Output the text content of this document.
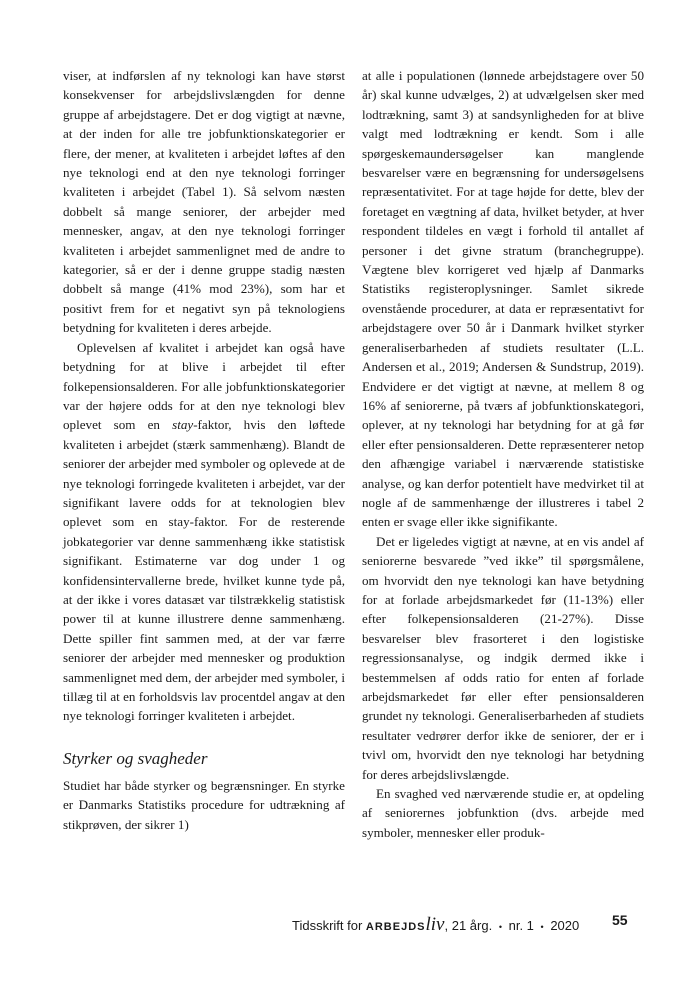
viser, at indførslen af ny teknologi kan have størst konsekvenser for arbejdslivslængden for denne gruppe af arbejdstagere. Det er dog vigtigt at nævne, at der inden for alle tre jobfunktionskategorier er flere, der mener, at kvaliteten i arbejdet løftes af den nye teknologi end at den nye teknologi forringer kvaliteten i arbejdet (Tabel 1). Så selvom næsten dobbelt så mange seniorer, der arbejder med mennesker, angav, at den nye teknologi forringer kvaliteten i arbejdet sammenlignet med de andre to kategorier, så er der i denne gruppe stadig næsten dobbelt så mange (41% mod 23%), som har et positivt frem for et negativt syn på teknologiens betydning for kvaliteten i deres arbejde.

Oplevelsen af kvalitet i arbejdet kan også have betydning for at blive i arbejdet til efter folkepensionsalderen. For alle jobfunktionskategorier var der højere odds for at den nye teknologi blev oplevet som en stay-faktor, hvis den løftede kvaliteten i arbejdet (stærk sammenhæng). Blandt de seniorer der arbejder med symboler og oplevede at de nye teknologi forringede kvaliteten i arbejdet, var der signifikant lavere odds for at teknologien blev oplevet som en stay-faktor. For de resterende jobkategorier var denne sammenhæng ikke statistisk signifikant. Estimaterne var dog under 1 og konfidensintervallerne brede, hvilket kunne tyde på, at der ikke i vores datasæt var tilstrækkelig statistisk power til at kunne illustrere denne sammenhæng. Dette spiller fint sammen med, at der var færre seniorer der arbejder med mennesker og produktion sammenlignet med dem, der arbejder med symboler, i tillæg til at en forholdsvis lav procentdel angav at den nye teknologi forringer kvaliteten i arbejdet.

Styrker og svagheder

Studiet har både styrker og begrænsninger. En styrke er Danmarks Statistiks procedure for udtrækning af stikprøven, der sikrer 1)

at alle i populationen (lønnede arbejdstagere over 50 år) skal kunne udvælges, 2) at udvælgelsen sker med lodtrækning, samt 3) at sandsynligheden for at blive valgt med lodtrækning er kendt. Som i alle spørgeskemaundersøgelser kan manglende besvarelser være en begrænsning for undersøgelsens repræsentativitet. For at tage højde for dette, blev der foretaget en vægtning af data, hvilket betyder, at hver respondent tildeles en vægt i forhold til antallet af personer i det givne stratum (branchegruppe). Vægtene blev korrigeret ved hjælp af Danmarks Statistiks registeroplysninger. Samlet sikrede ovenstående procedurer, at data er repræsentativt for arbejdstagere over 50 år i Danmark hvilket styrker generaliserbarheden af studiets resultater (L.L. Andersen et al., 2019; Andersen & Sundstrup, 2019). Endvidere er det vigtigt at nævne, at mellem 8 og 16% af seniorerne, på tværs af jobfunktionskategori, oplever, at ny teknologi har betydning for at gå før eller efter pensionsalderen. Dette repræsenterer netop den afhængige variabel i nærværende statistiske analyse, og kan derfor potentielt have medvirket til at nogle af de sammenhænge der illustreres i tabel 2 enten er svage eller ikke signifikante.

Det er ligeledes vigtigt at nævne, at en vis andel af seniorerne besvarede ”ved ikke” til spørgsmålene, om hvorvidt den nye teknologi kan have betydning for at forlade arbejdsmarkedet før (11-13%) eller efter folkepensionsalderen (21-27%). Disse besvarelser blev frasorteret i den logistiske regressionsanalyse, og indgik dermed ikke i bestemmelsen af odds ratio for enten af forlade arbejdsmarkedet før eller efter pensionsalderen grundet ny teknologi. Generaliserbarheden af studiets resultater vedrører derfor ikke de seniorer, der er i tvivl om, hvorvidt den nye teknologi har betydning for deres arbejdslivslængde.

En svaghed ved nærværende studie er, at opdeling af seniorernes jobfunktion (dvs. arbejde med symboler, mennesker eller produk-

Tidsskrift for ARBEJDSliv, 21 årg. • nr. 1 • 2020	55
